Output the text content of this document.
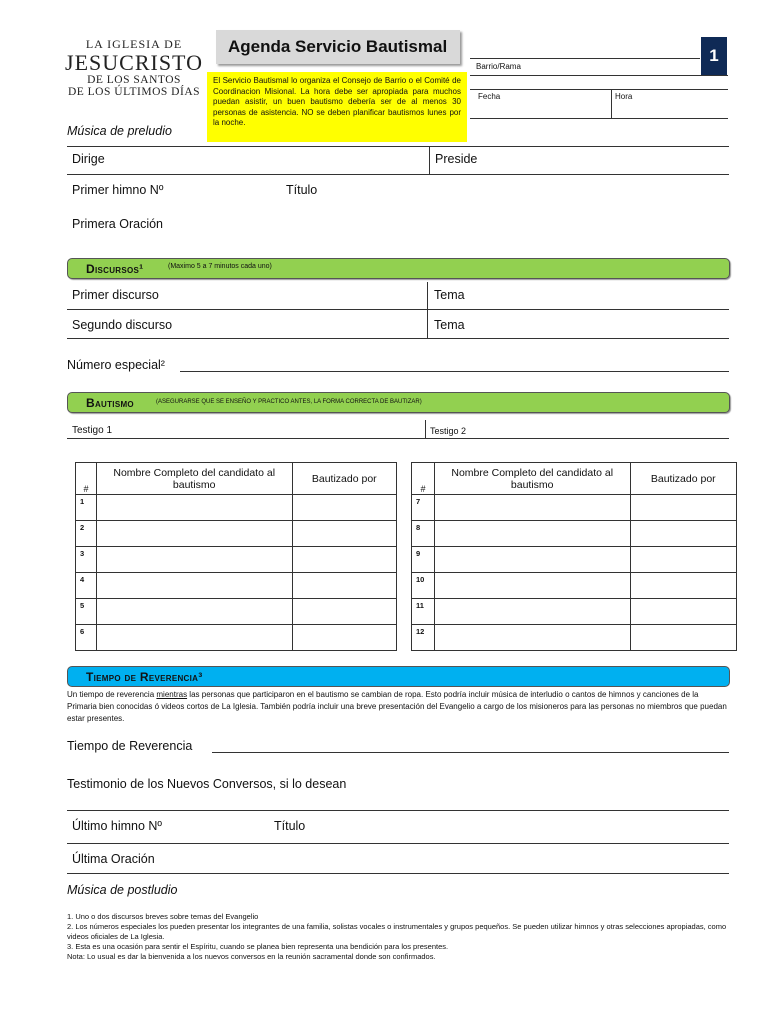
LA IGLESIA DE
JESUCRISTO
DE LOS SANTOS
DE LOS ÚLTIMOS DÍAS
Agenda Servicio Bautismal
El Servicio Bautismal lo organiza el Consejo de Barrio o el Comité de Coordinacion Misional. La hora debe ser apropiada para muchos puedan asistir, un buen bautismo debería ser de al menos 30 personas de asistencia. NO se deben planificar bautismos lunes por la noche.
1
Barrio/Rama
Fecha	Hora
Música de preludio
Dirige	Preside
Primer himno Nº	Título
Primera Oración
Discursos¹	(Maximo 5 a 7 minutos cada uno)
Primer discurso	Tema
Segundo discurso	Tema
Número especial²
Bautismo	(ASEGURARSE QUE SE ENSEÑO Y PRACTICO ANTES, LA FORMA CORRECTA DE BAUTIZAR)
Testigo 1	Testigo 2
#	Nombre Completo del candidato al bautismo	Bautizado por
1		
2		
3		
4		
5		
6		
#	Nombre Completo del candidato al bautismo	Bautizado por
7		
8		
9		
10		
11		
12		
Tiempo de Reverencia³
Un tiempo de reverencia mientras las personas que participaron en el bautismo se cambian de ropa. Esto podría incluir música de interludio o cantos de himnos y canciones de la Primaria bien conocidas ó videos cortos de La Iglesia. También podría incluir una breve presentación del Evangelio a cargo de los misioneros para las personas no miembros que puedan estar presentes.
Tiempo de Reverencia
Testimonio de los Nuevos Conversos, si lo desean
Último himno Nº	Título
Última Oración
Música de postludio
1. Uno o dos discursos breves sobre temas del Evangelio
2. Los números especiales los pueden presentar los integrantes de una familia, solistas vocales o instrumentales y grupos pequeños. Se pueden utilizar himnos y otras selecciones apropiadas, como videos oficiales de La Iglesia.
3. Esta es una ocasión para sentir el Espíritu, cuando se planea bien representa una bendición para los presentes.
Nota: Lo usual es dar la bienvenida a los nuevos conversos en la reunión sacramental donde son confirmados.
